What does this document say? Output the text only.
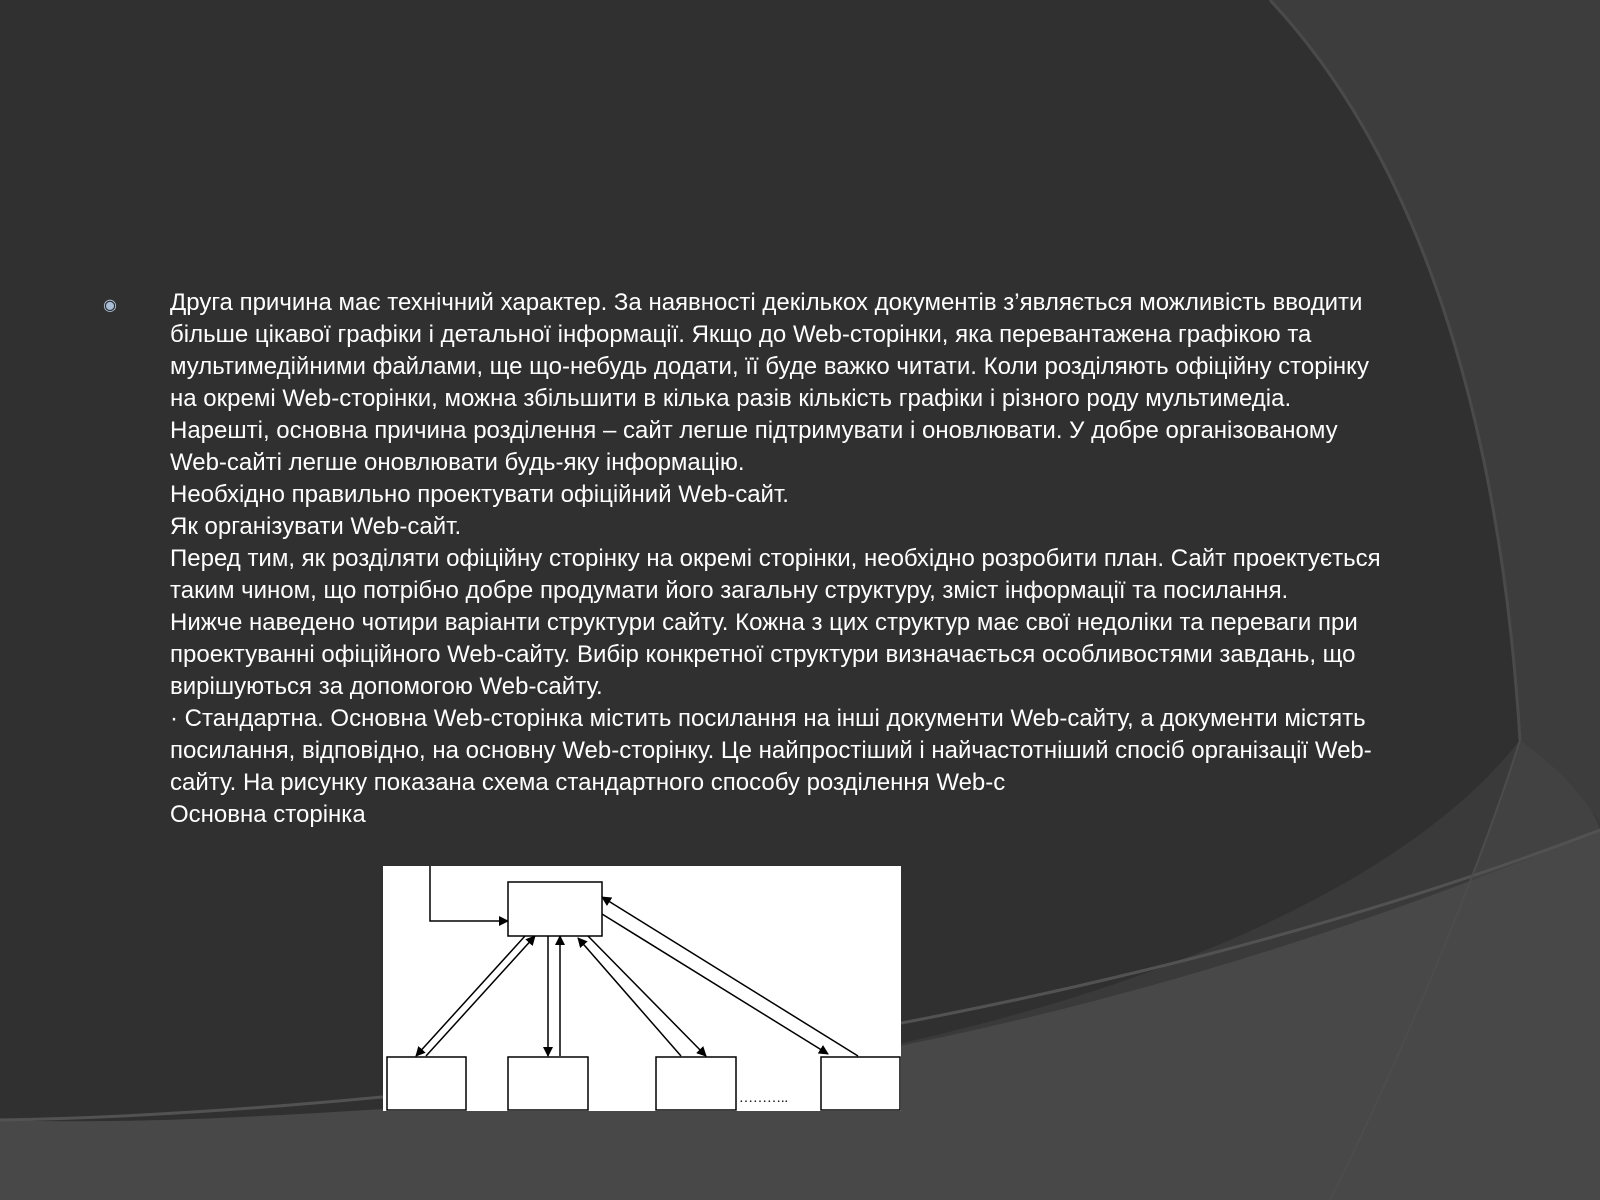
◉ Друга причина має технічний характер. За наявності декількох документів з’являється можливість вводити більше цікавої графіки і детальної інформації. Якщо до Web-сторінки, яка перевантажена графікою та мультимедійними файлами, ще що-небудь додати, її буде важко читати. Коли розділяють офіційну сторінку на окремі Web-сторінки, можна збільшити в кілька разів кількість графіки і різного роду мультимедіа.

Нарешті, основна причина розділення – сайт легше підтримувати і оновлювати. У добре організованому Web-сайті легше оновлювати будь-яку інформацію.

Необхідно правильно проектувати офіційний Web-сайт.

Як організувати Web-сайт.

Перед тим, як розділяти офіційну сторінку на окремі сторінки, необхідно розробити план. Сайт проектується таким чином, що потрібно добре продумати його загальну структуру, зміст інформації та посилання.

Нижче наведено чотири варіанти структури сайту. Кожна з цих структур має свої недоліки та переваги при проектуванні офіційного Web-сайту. Вибір конкретної структури визначається особливостями завдань, що вирішуються за допомогою Web-сайту.

· Стандартна. Основна Web-сторінка містить посилання на інші документи Web-сайту, а документи містять посилання, відповідно, на основну Web-сторінку. Це найпростіший і найчастотніший спосіб організації Web-сайту. На рисунку показана схема стандартного способу розділення Web-с

Основна сторінка

………..
